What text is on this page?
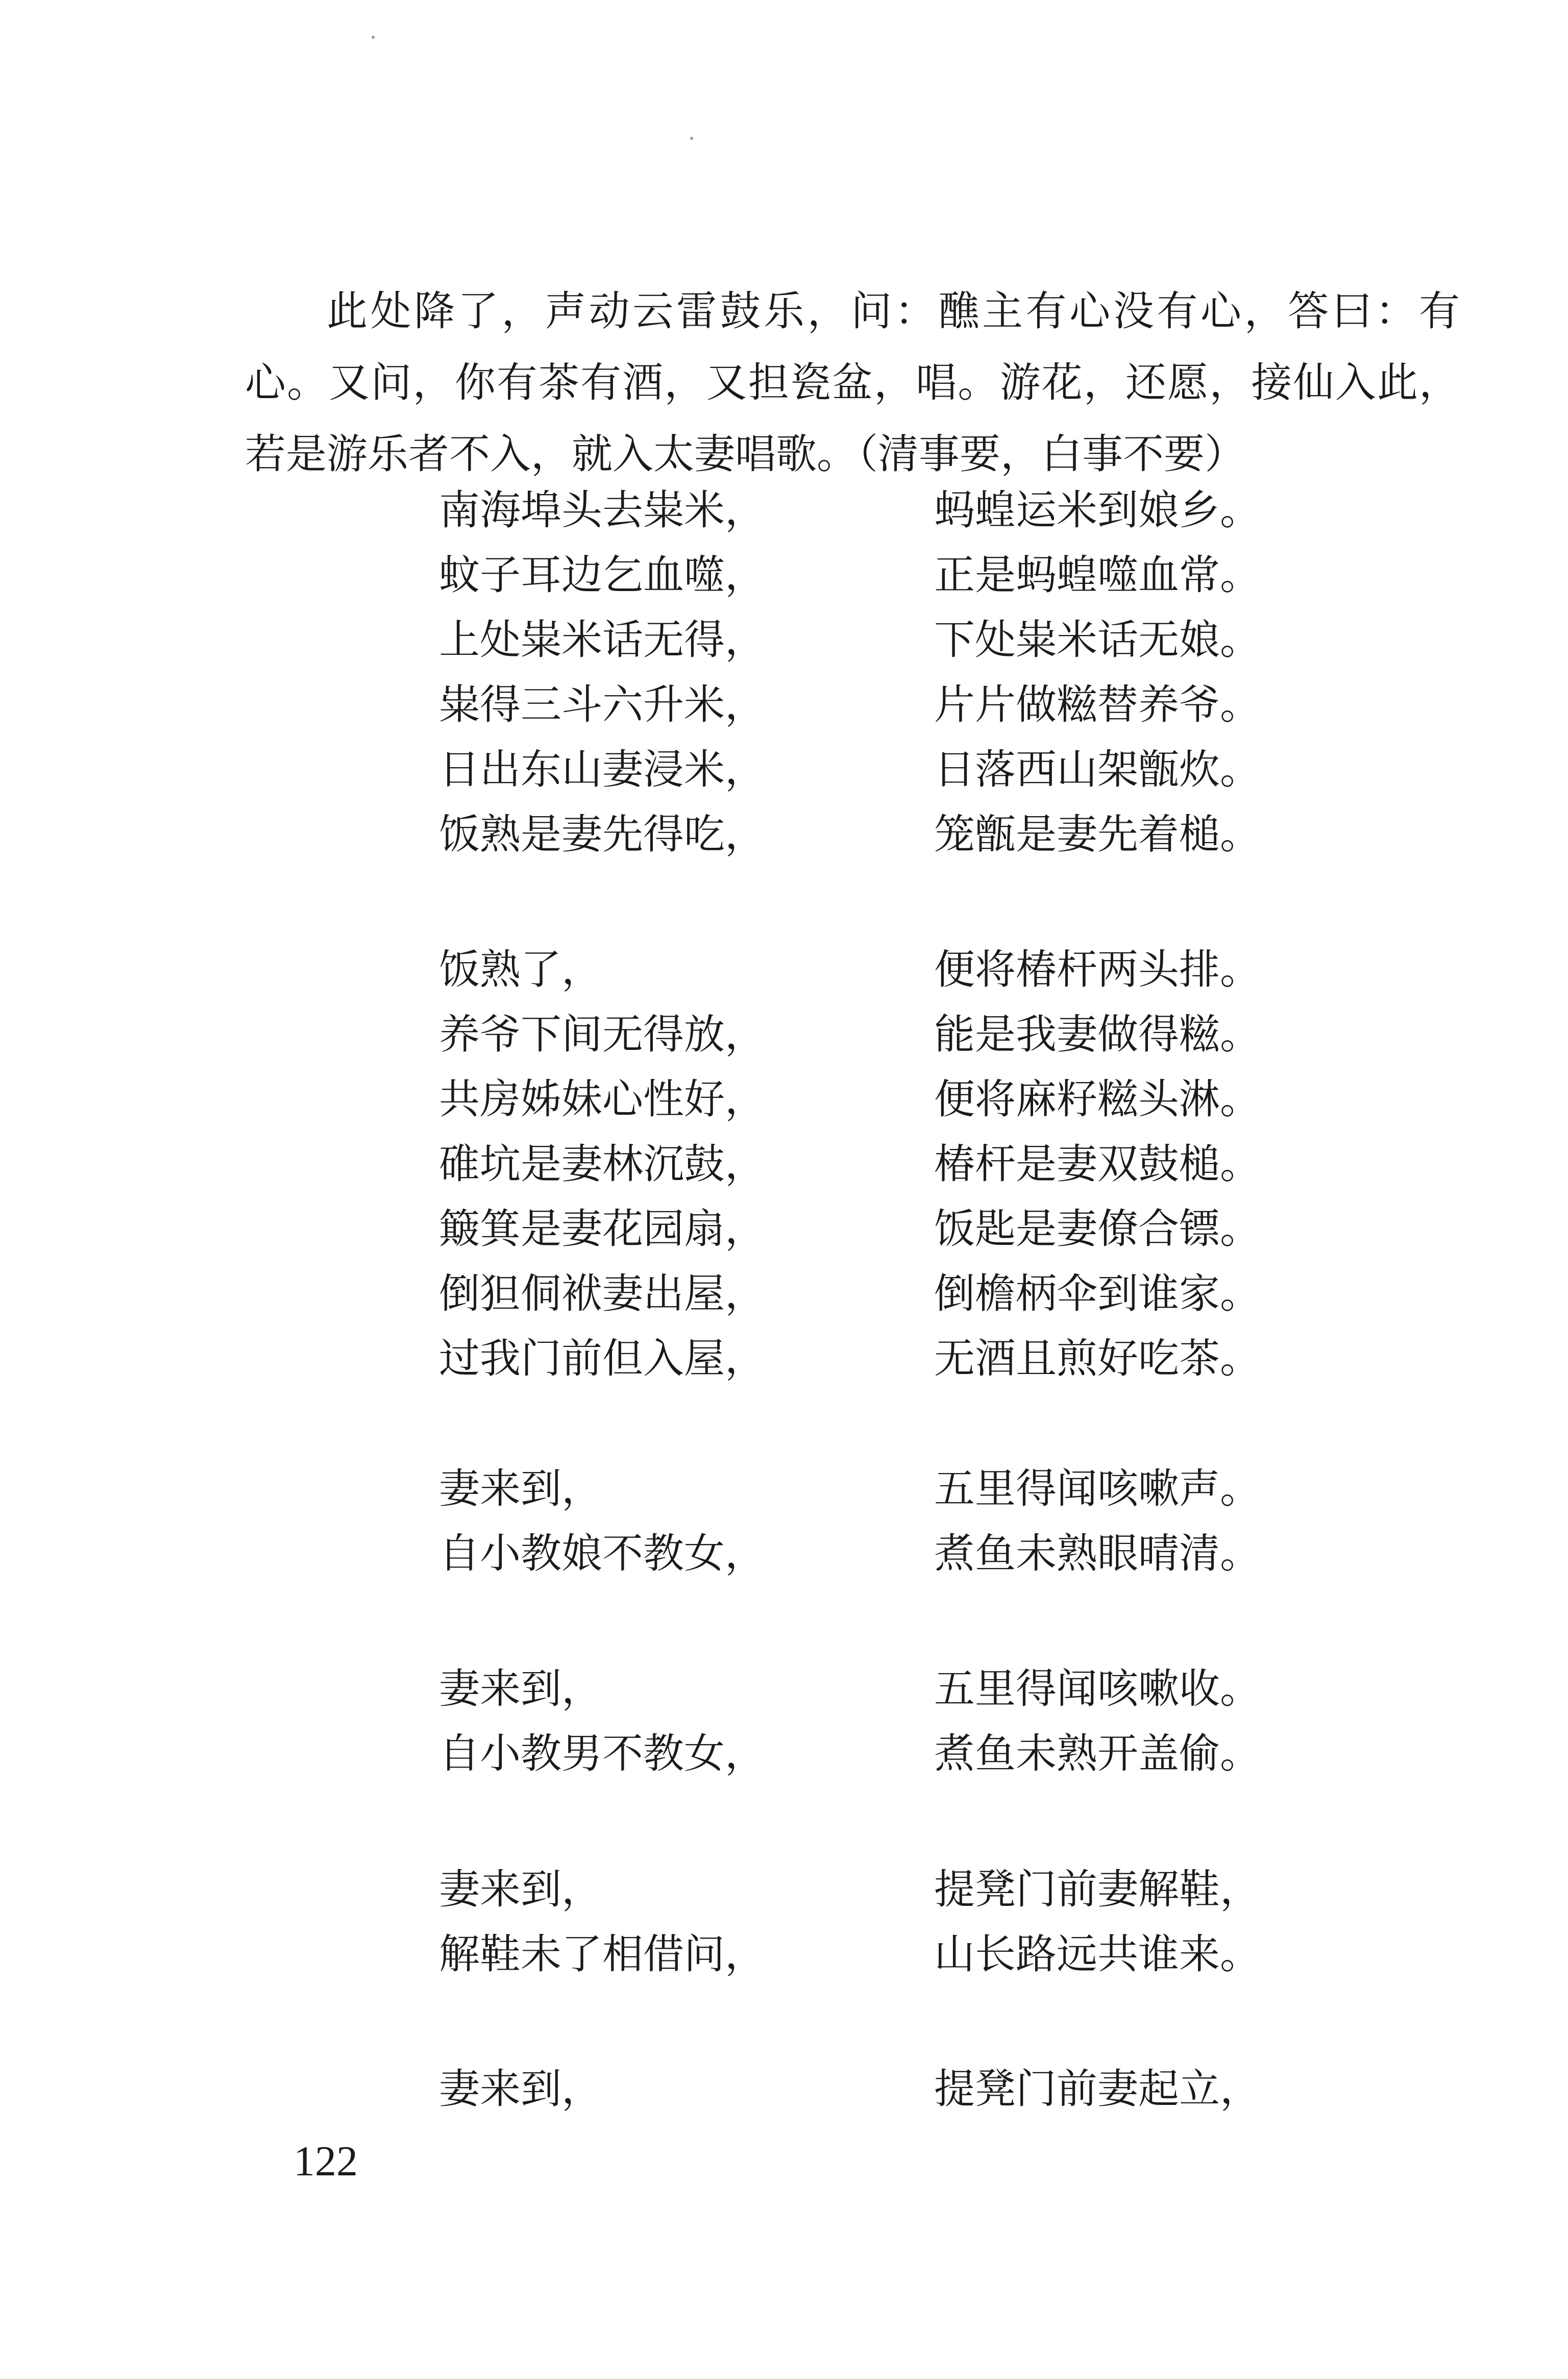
此处降了，声动云雷鼓乐，问：醮主有心没有心，答曰：有心。又问，你有茶有酒，又担瓷盆，唱。游花，还愿，接仙入此，若是游乐者不入，就入太妻唱歌。（清事要，白事不要）

南海埠头去粜米，	蚂蝗运米到娘乡。
蚊子耳边乞血噬，	正是蚂蝗噬血常。
上处粜米话无得，	下处粜米话无娘。
粜得三斗六升米，	片片做糍替养爷。
日出东山妻浸米，	日落西山架甑炊。
饭熟是妻先得吃，	笼甑是妻先着槌。
饭熟了，	便将椿杆两头排。
养爷下间无得放，	能是我妻做得糍。
共房姊妹心性好，	便将麻籽糍头淋。
碓坑是妻林沉鼓，	椿杆是妻双鼓槌。
簸箕是妻花园扇，	饭匙是妻僚合镖。
倒狚侗袱妻出屋，	倒檐柄伞到谁家。
过我门前但入屋，	无酒且煎好吃茶。
妻来到，	五里得闻咳嗽声。
自小教娘不教女，	煮鱼未熟眼晴清。
妻来到，	五里得闻咳嗽收。
自小教男不教女，	煮鱼未熟开盖偷。
妻来到，	提凳门前妻解鞋，
解鞋未了相借问，	山长路远共谁来。
妻来到，	提凳门前妻起立，
122
